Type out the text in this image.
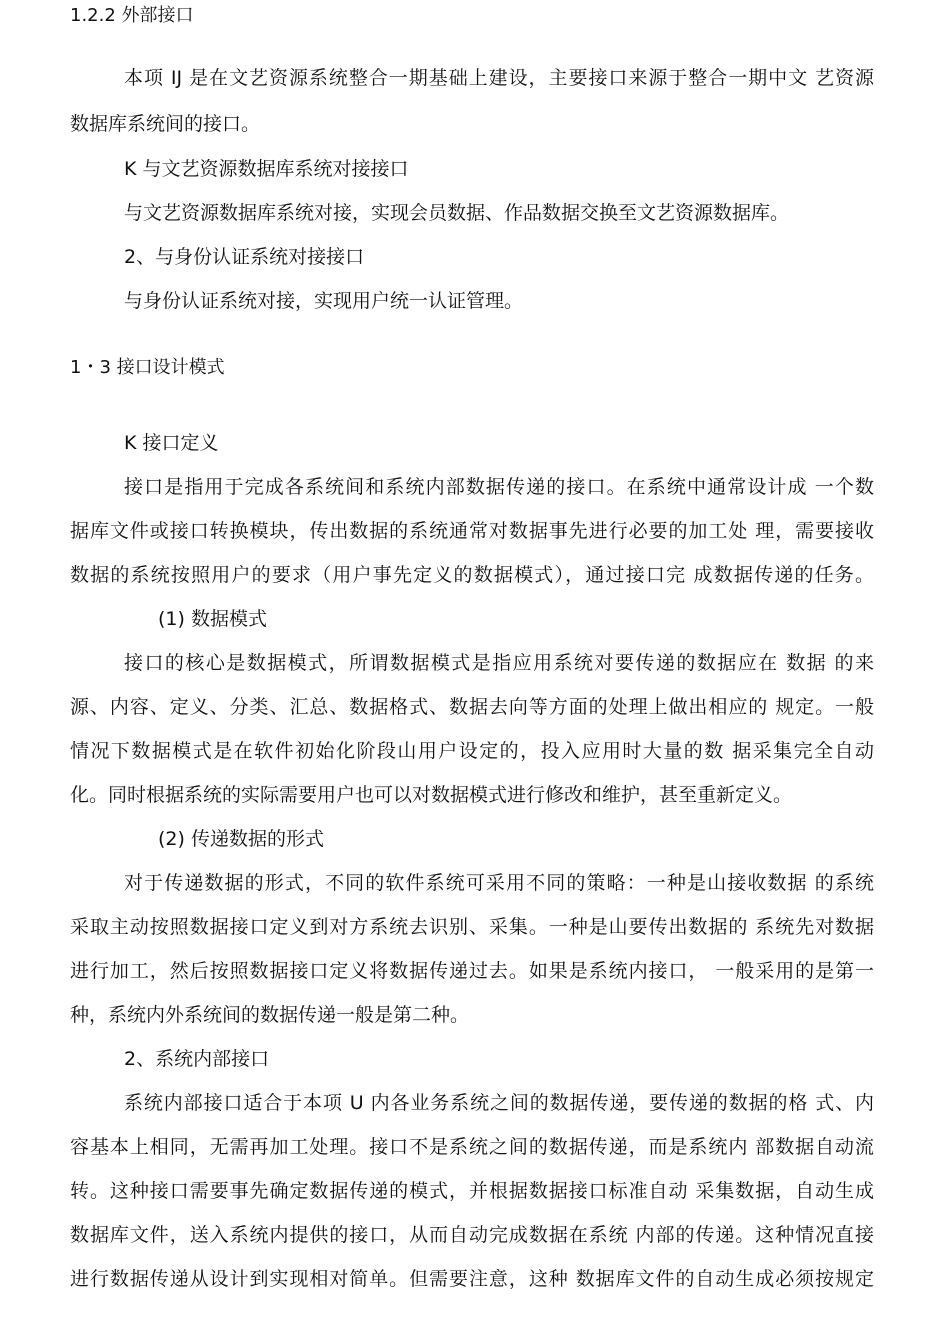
1.2.2 外部接口
本项 IJ 是在文艺资源系统整合一期基础上建设，主要接口来源于整合一期中文 艺资源
数据库系统间的接口。
K 与文艺资源数据库系统对接接口
与文艺资源数据库系统对接，实现会员数据、作品数据交换至文艺资源数据库。
2、与身份认证系统对接接口
与身份认证系统对接，实现用户统一认证管理。
1・3 接口设计模式
K 接口定义
接口是指用于完成各系统间和系统内部数据传递的接口。在系统中通常设计成 一个数
据库文件或接口转换模块，传出数据的系统通常对数据事先进行必要的加工处 理，需要接收
数据的系统按照用户的要求（用户事先定义的数据模式），通过接口完 成数据传递的任务。
(1) 数据模式
接口的核心是数据模式，所谓数据模式是指应用系统对要传递的数据应在 数据 的来
源、内容、定义、分类、汇总、数据格式、数据去向等方面的处理上做出相应的 规定。一般
情况下数据模式是在软件初始化阶段山用户设定的，投入应用时大量的数 据采集完全自动
化。同时根据系统的实际需要用户也可以对数据模式进行修改和维护，甚至重新定义。
(2) 传递数据的形式
对于传递数据的形式，不同的软件系统可采用不同的策略：一种是山接收数据 的系统
采取主动按照数据接口定义到对方系统去识别、采集。一种是山要传出数据的 系统先对数据
进行加工，然后按照数据接口定义将数据传递过去。如果是系统内接口， 一般采用的是第一
种，系统内外系统间的数据传递一般是第二种。
2、系统内部接口
系统内部接口适合于本项 U 内各业务系统之间的数据传递，要传递的数据的格 式、内
容基本上相同，无需再加工处理。接口不是系统之间的数据传递，而是系统内 部数据自动流
转。这种接口需要事先确定数据传递的模式，并根据数据接口标准自动 采集数据，自动生成
数据库文件，送入系统内提供的接口，从而自动完成数据在系统 内部的传递。这种情况直接
进行数据传递从设计到实现相对简单。但需要注意，这种 数据库文件的自动生成必须按规定
